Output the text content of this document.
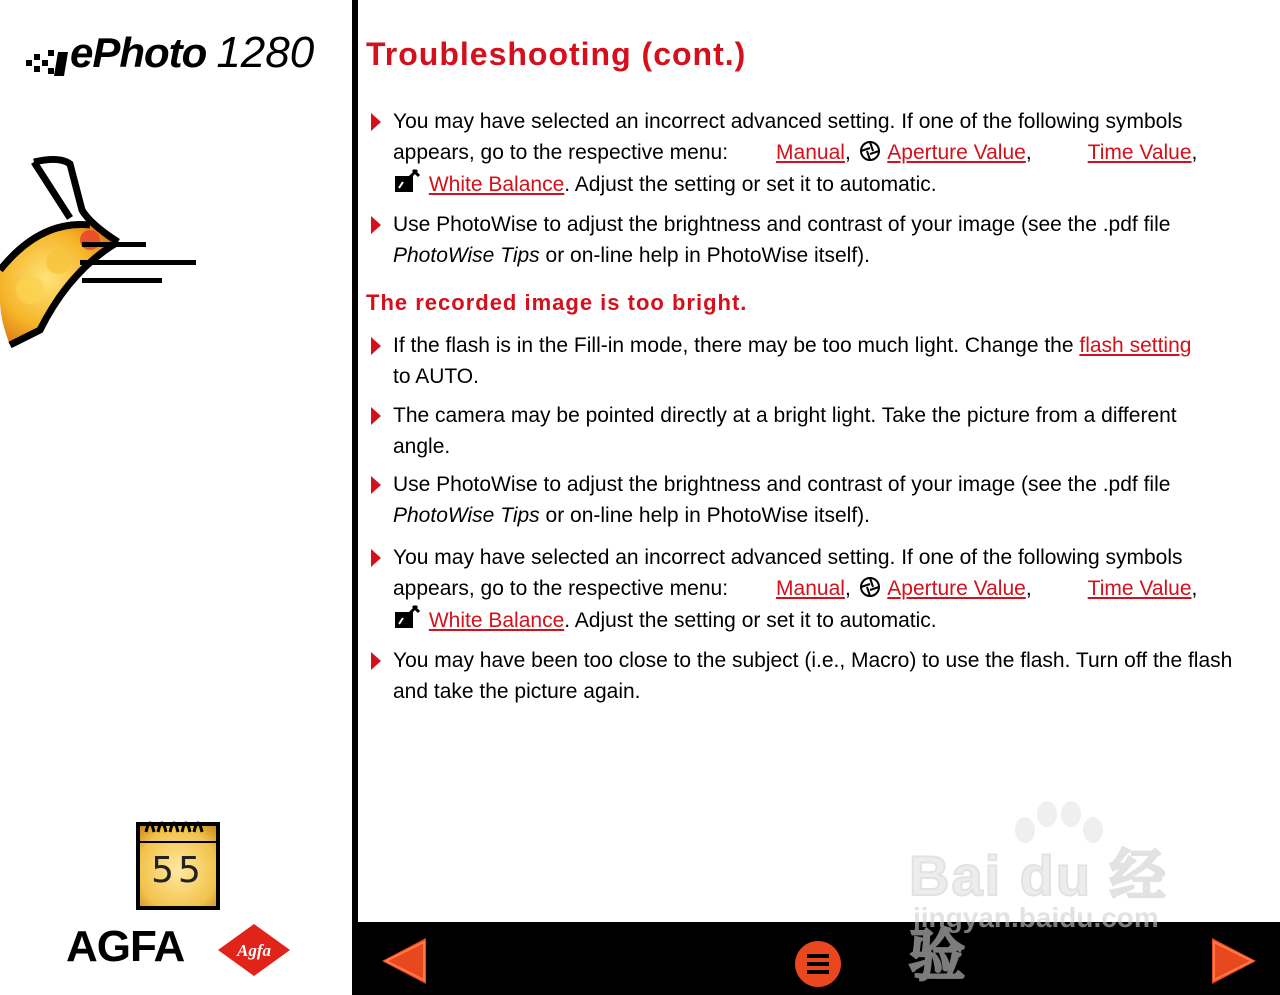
ePhoto 1280
55
AGFA	Agfa
Troubleshooting (cont.)
You may have selected an incorrect advanced setting. If one of the following symbols
appears, go to the respective menu: Manual,  Aperture Value,	Time Value,
White Balance. Adjust the setting or set it to automatic.
Use PhotoWise to adjust the brightness and contrast of your image (see the .pdf file
PhotoWise Tips or on-line help in PhotoWise itself).
The recorded image is too bright.
If the flash is in the Fill-in mode, there may be too much light. Change the flash setting
to AUTO.
The camera may be pointed directly at a bright light. Take the picture from a different
angle.
Use PhotoWise to adjust the brightness and contrast of your image (see the .pdf file
PhotoWise Tips or on-line help in PhotoWise itself).
You may have selected an incorrect advanced setting. If one of the following symbols
appears, go to the respective menu: Manual,  Aperture Value,	Time Value,
White Balance. Adjust the setting or set it to automatic.
You may have been too close to the subject (i.e., Macro) to use the flash. Turn off the flash
and take the picture again.
Bai du 经验
jingyan.baidu.com
